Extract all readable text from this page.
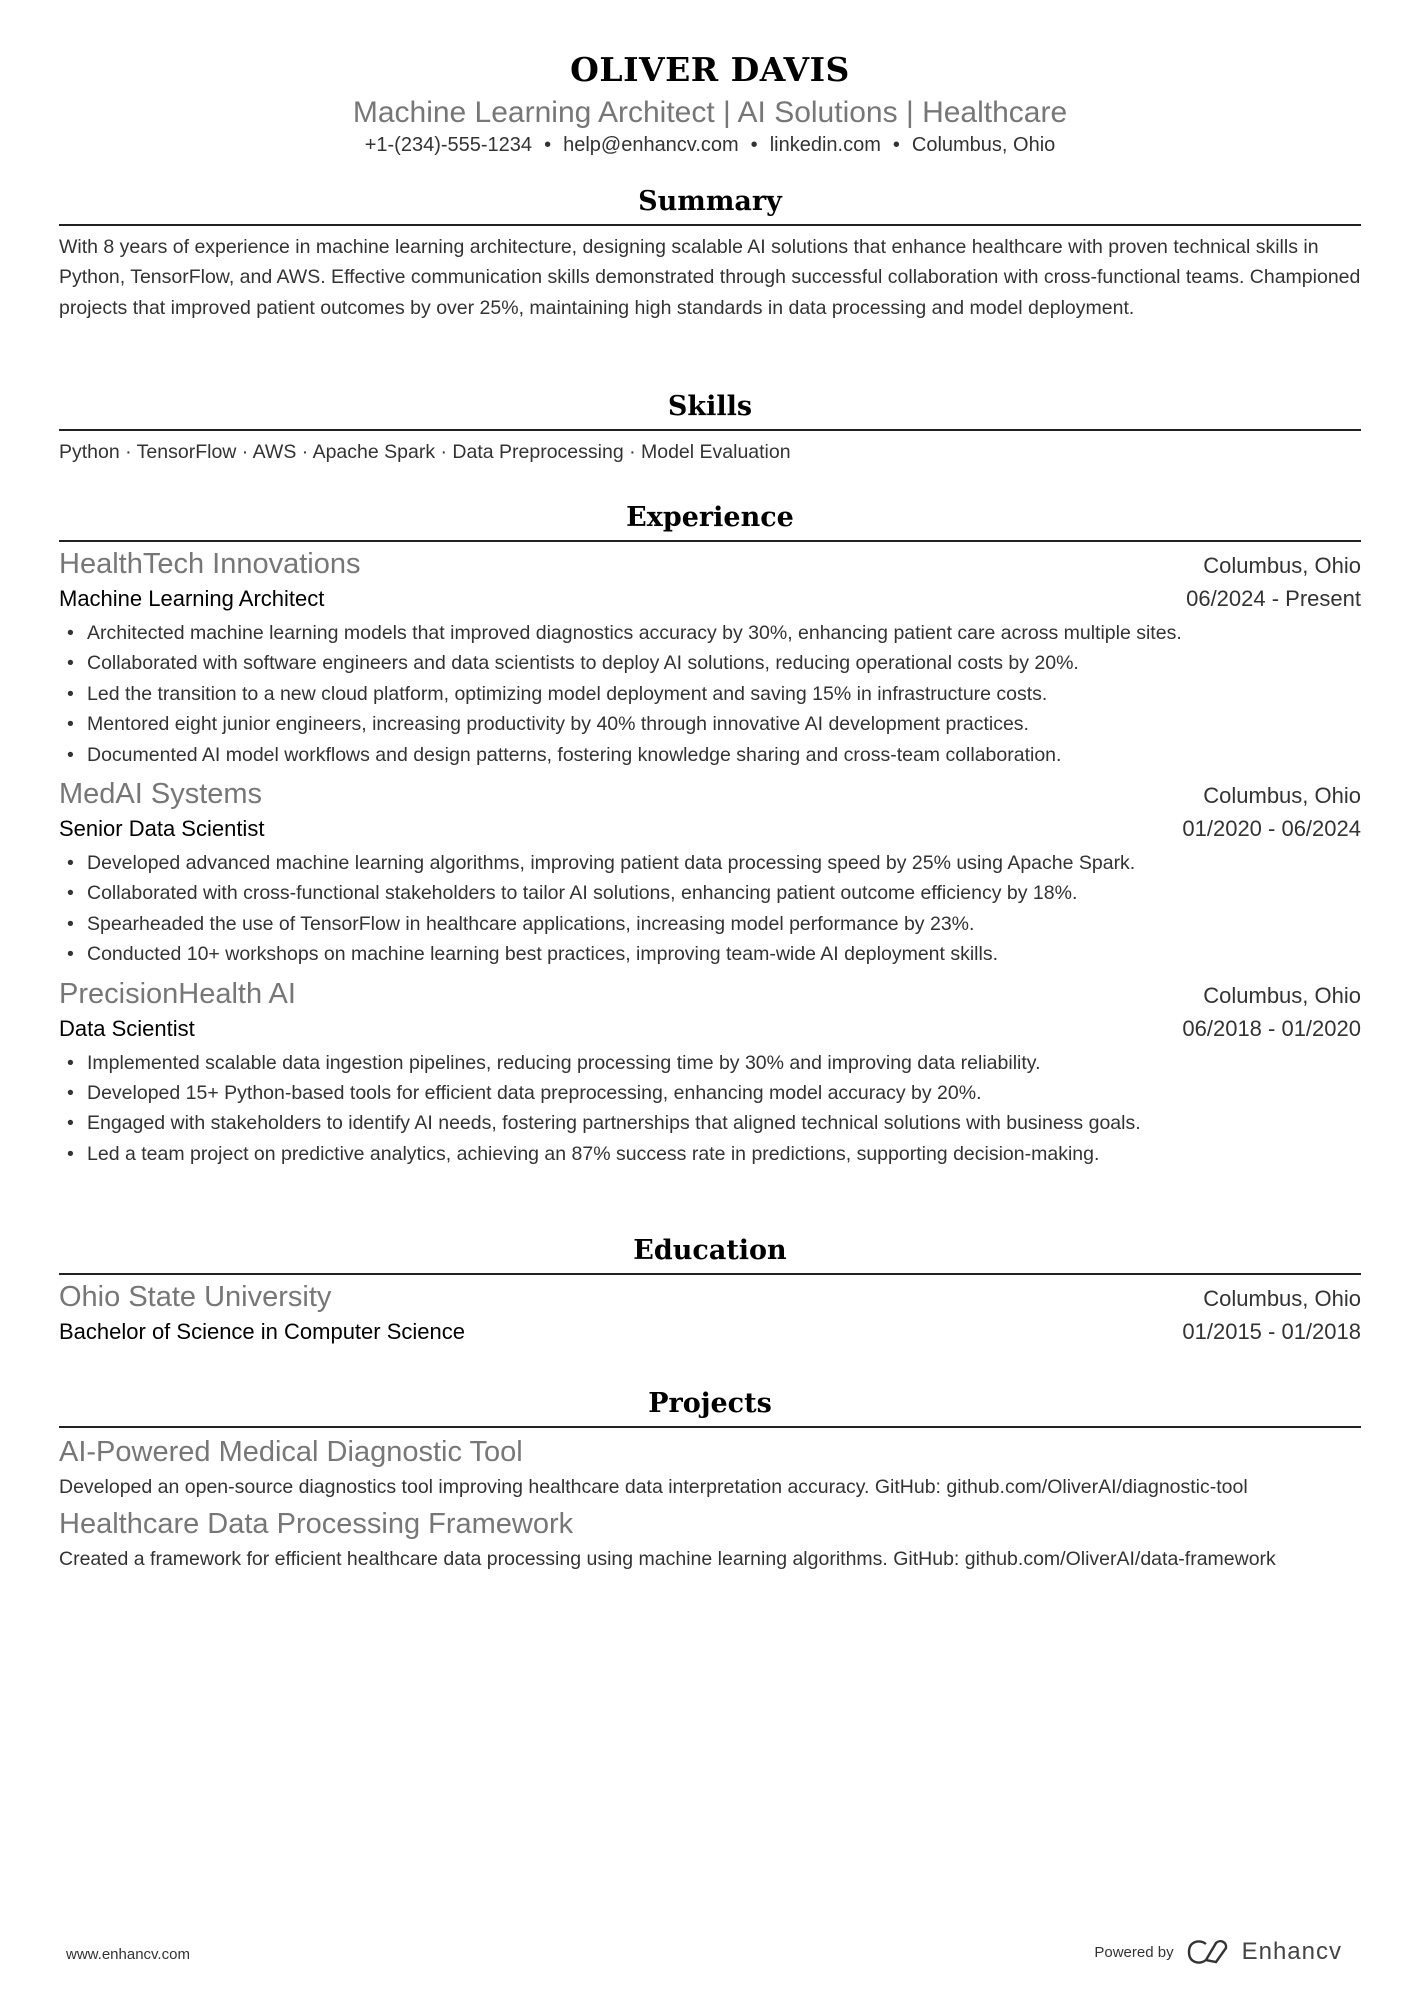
OLIVER DAVIS
Machine Learning Architect | AI Solutions | Healthcare
+1-(234)-555-1234 • help@enhancv.com • linkedin.com • Columbus, Ohio
Summary
With 8 years of experience in machine learning architecture, designing scalable AI solutions that enhance healthcare with proven technical skills in Python, TensorFlow, and AWS. Effective communication skills demonstrated through successful collaboration with cross-functional teams. Championed projects that improved patient outcomes by over 25%, maintaining high standards in data processing and model deployment.
Skills
Python · TensorFlow · AWS · Apache Spark · Data Preprocessing · Model Evaluation
Experience
HealthTech Innovations	Columbus, Ohio
Machine Learning Architect	06/2024 - Present
• Architected machine learning models that improved diagnostics accuracy by 30%, enhancing patient care across multiple sites.
• Collaborated with software engineers and data scientists to deploy AI solutions, reducing operational costs by 20%.
• Led the transition to a new cloud platform, optimizing model deployment and saving 15% in infrastructure costs.
• Mentored eight junior engineers, increasing productivity by 40% through innovative AI development practices.
• Documented AI model workflows and design patterns, fostering knowledge sharing and cross-team collaboration.
MedAI Systems	Columbus, Ohio
Senior Data Scientist	01/2020 - 06/2024
• Developed advanced machine learning algorithms, improving patient data processing speed by 25% using Apache Spark.
• Collaborated with cross-functional stakeholders to tailor AI solutions, enhancing patient outcome efficiency by 18%.
• Spearheaded the use of TensorFlow in healthcare applications, increasing model performance by 23%.
• Conducted 10+ workshops on machine learning best practices, improving team-wide AI deployment skills.
PrecisionHealth AI	Columbus, Ohio
Data Scientist	06/2018 - 01/2020
• Implemented scalable data ingestion pipelines, reducing processing time by 30% and improving data reliability.
• Developed 15+ Python-based tools for efficient data preprocessing, enhancing model accuracy by 20%.
• Engaged with stakeholders to identify AI needs, fostering partnerships that aligned technical solutions with business goals.
• Led a team project on predictive analytics, achieving an 87% success rate in predictions, supporting decision-making.
Education
Ohio State University	Columbus, Ohio
Bachelor of Science in Computer Science	01/2015 - 01/2018
Projects
AI-Powered Medical Diagnostic Tool
Developed an open-source diagnostics tool improving healthcare data interpretation accuracy. GitHub: github.com/OliverAI/diagnostic-tool
Healthcare Data Processing Framework
Created a framework for efficient healthcare data processing using machine learning algorithms. GitHub: github.com/OliverAI/data-framework
www.enhancv.com	Powered by	Enhancv
